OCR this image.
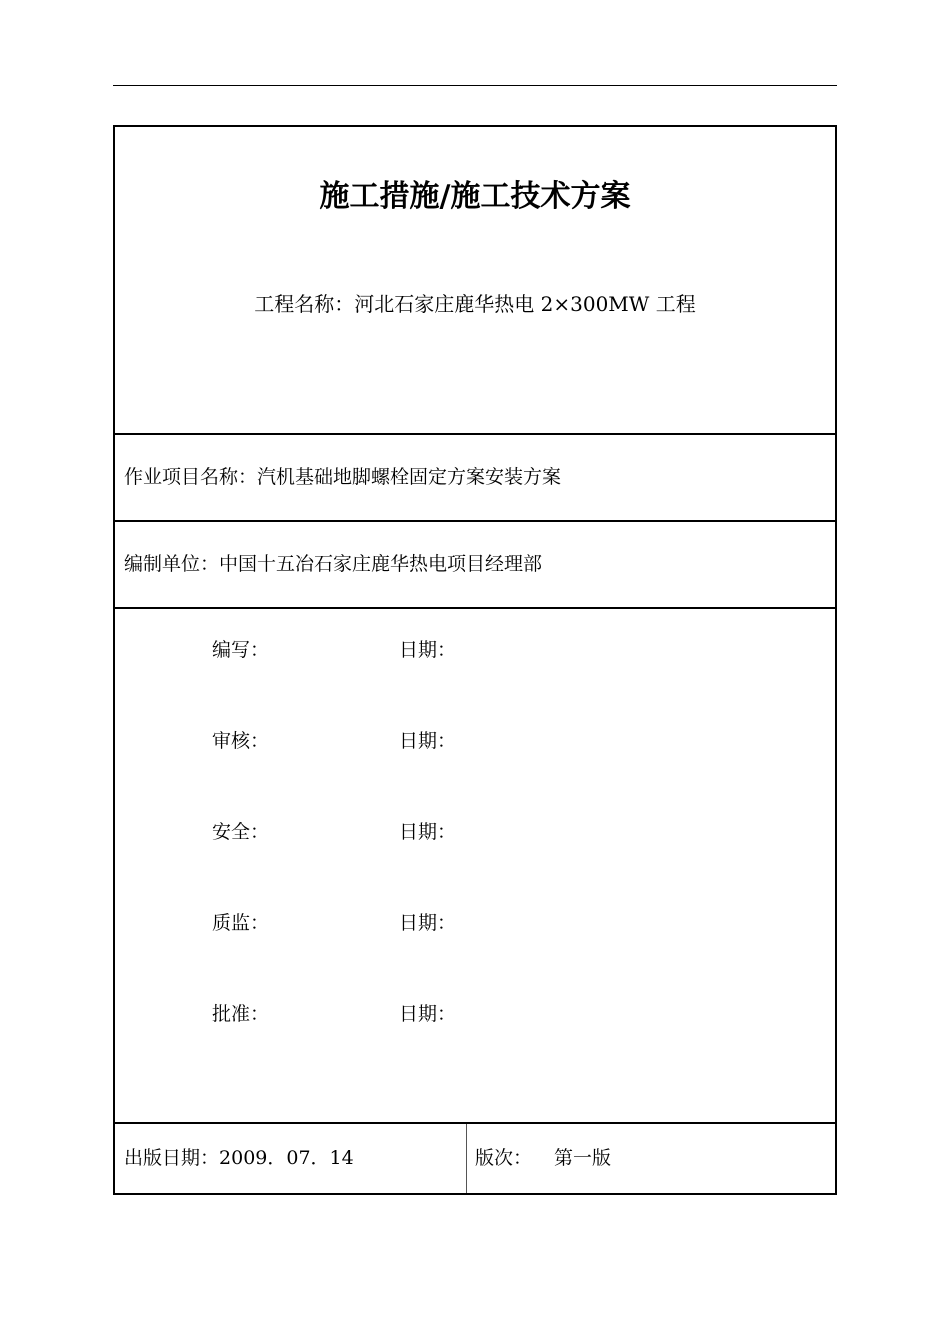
施工措施/施工技术方案
工程名称：河北石家庄鹿华热电 2×300MW 工程
作业项目名称：汽机基础地脚螺栓固定方案安装方案
编制单位：中国十五冶石家庄鹿华热电项目经理部
编写：	日期：
审核：	日期：
安全：	日期：
质监：	日期：
批准：	日期：
出版日期：2009．07．14	版次： 第一版
